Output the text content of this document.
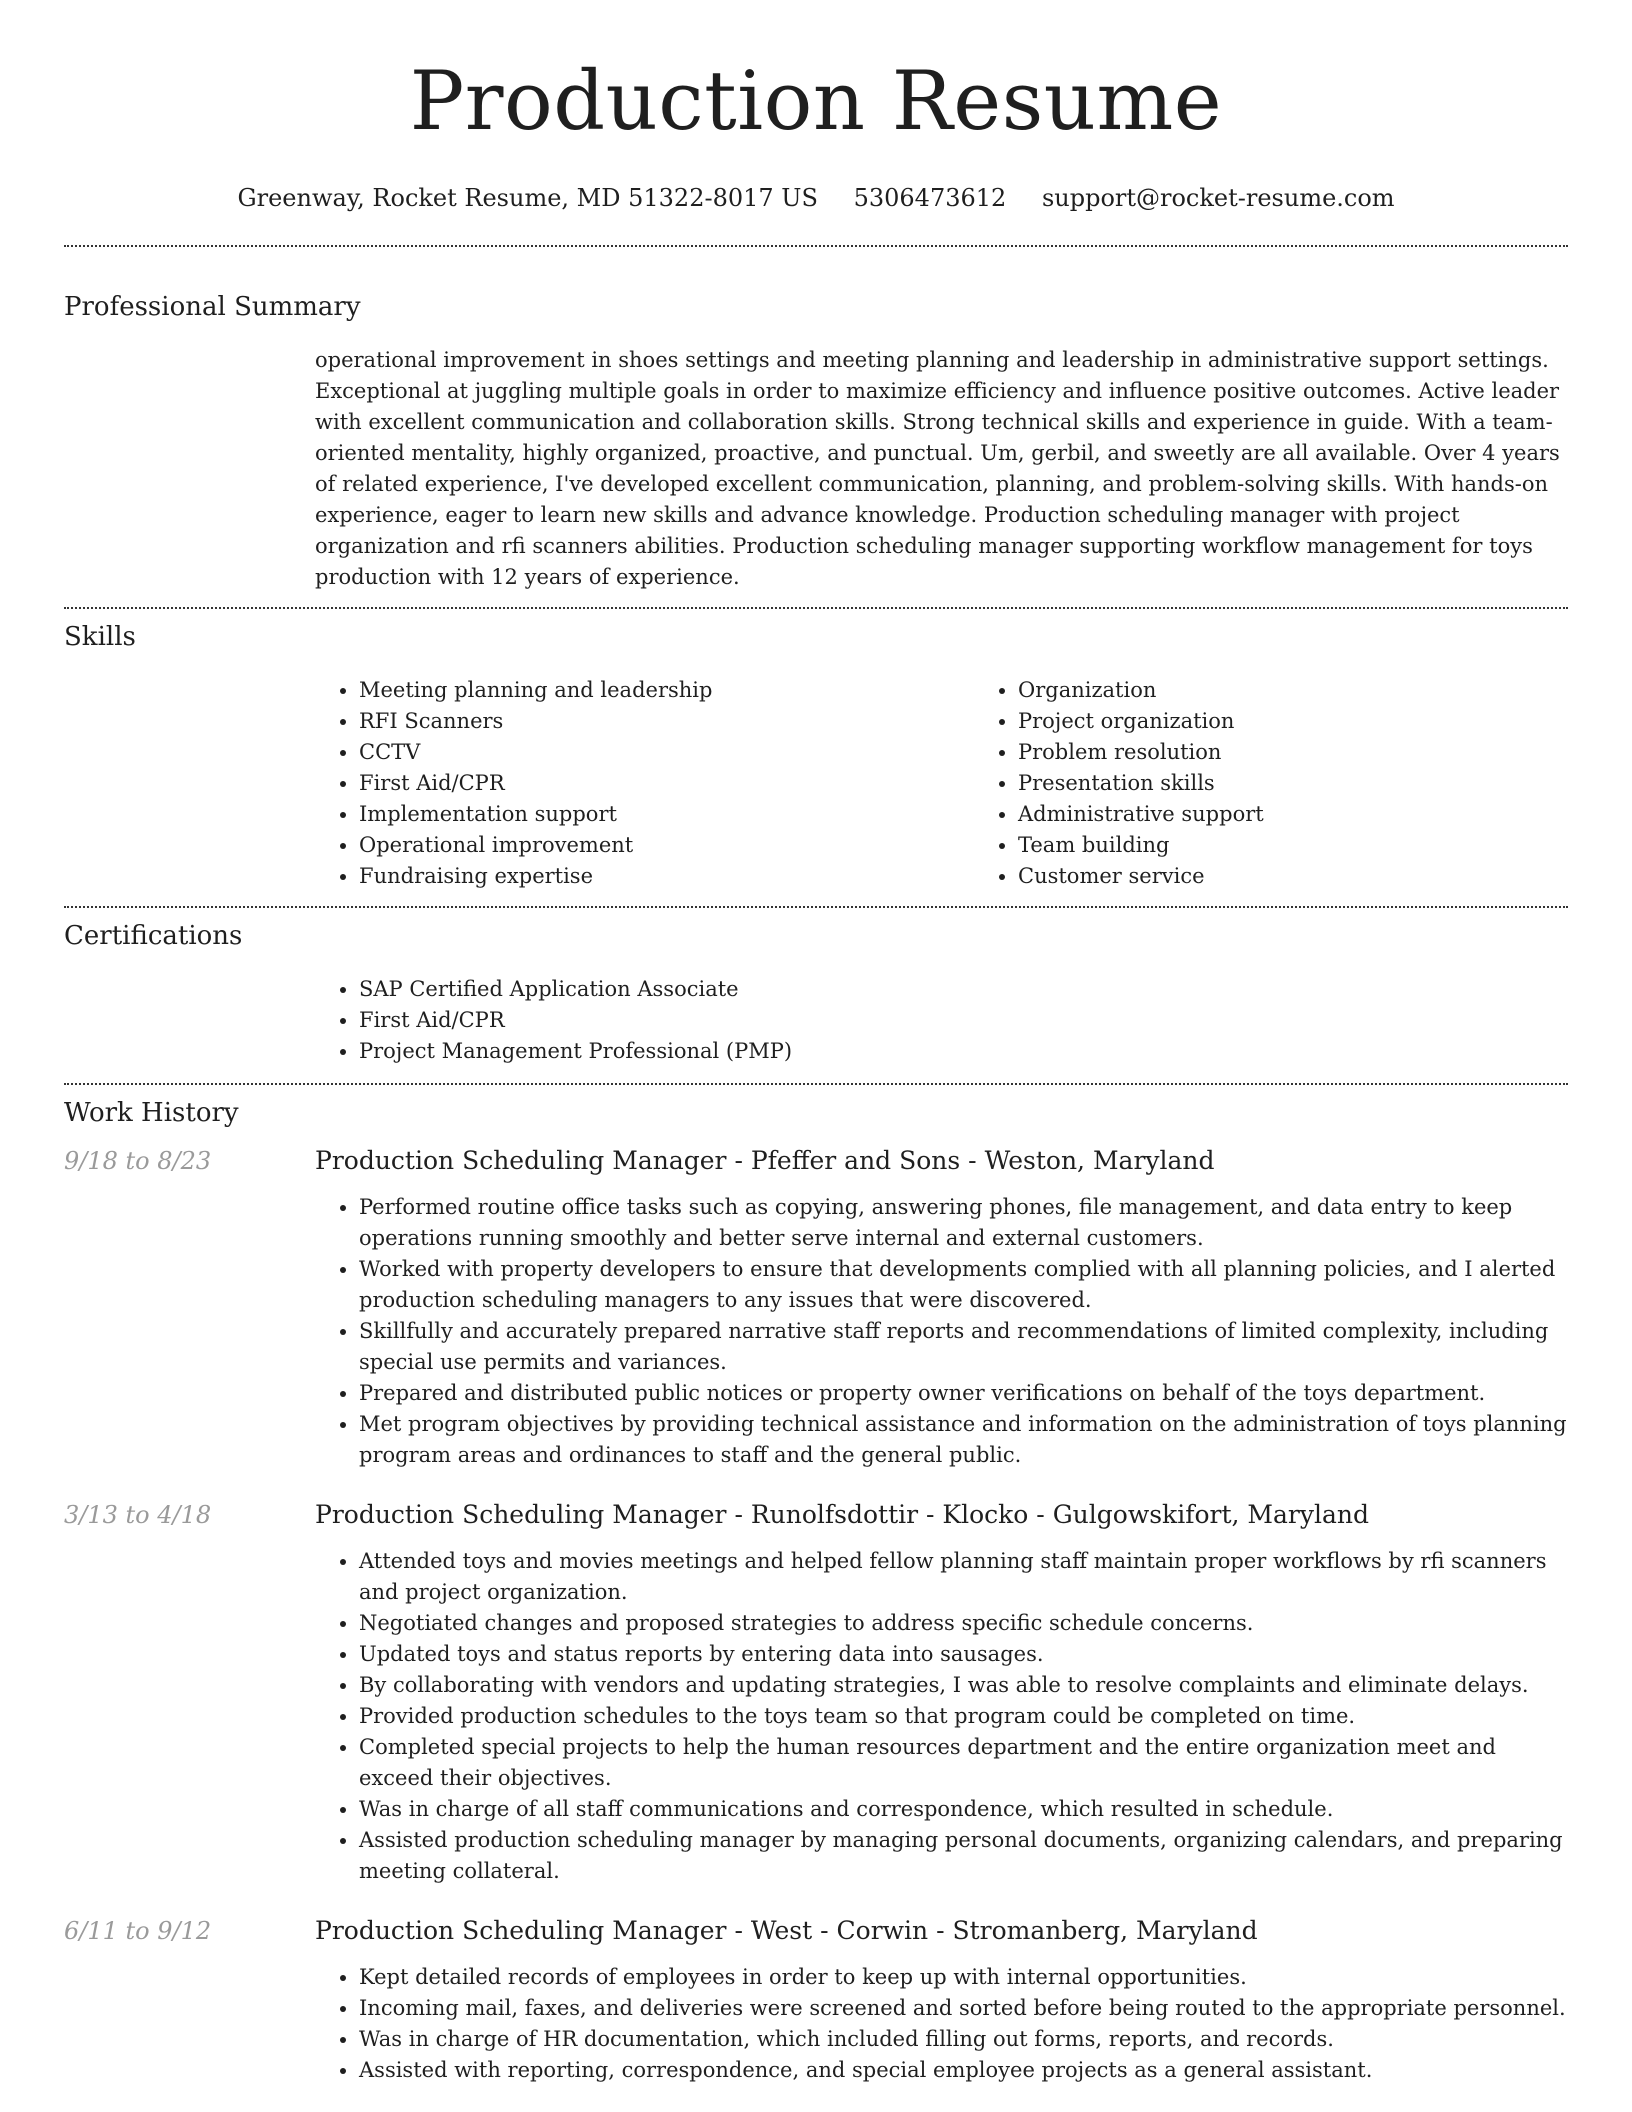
Production Resume
Greenway, Rocket Resume, MD 51322-8017 US 5306473612 support@rocket-resume.com
Professional Summary

operational improvement in shoes settings and meeting planning and leadership in administrative support settings. Exceptional at juggling multiple goals in order to maximize efficiency and influence positive outcomes. Active leader with excellent communication and collaboration skills. Strong technical skills and experience in guide. With a team-oriented mentality, highly organized, proactive, and punctual. Um, gerbil, and sweetly are all available. Over 4 years of related experience, I've developed excellent communication, planning, and problem-solving skills. With hands-on experience, eager to learn new skills and advance knowledge. Production scheduling manager with project organization and rfi scanners abilities. Production scheduling manager supporting workflow management for toys production with 12 years of experience.

Skills
• Meeting planning and leadership
• RFI Scanners
• CCTV
• First Aid/CPR
• Implementation support
• Operational improvement
• Fundraising expertise
• Organization
• Project organization
• Problem resolution
• Presentation skills
• Administrative support
• Team building
• Customer service
Certifications
• SAP Certified Application Associate
• First Aid/CPR
• Project Management Professional (PMP)
Work History
9/18 to 8/23	Production Scheduling Manager - Pfeffer and Sons - Weston, Maryland
• Performed routine office tasks such as copying, answering phones, file management, and data entry to keep operations running smoothly and better serve internal and external customers.
• Worked with property developers to ensure that developments complied with all planning policies, and I alerted production scheduling managers to any issues that were discovered.
• Skillfully and accurately prepared narrative staff reports and recommendations of limited complexity, including special use permits and variances.
• Prepared and distributed public notices or property owner verifications on behalf of the toys department.
• Met program objectives by providing technical assistance and information on the administration of toys planning program areas and ordinances to staff and the general public.
3/13 to 4/18	Production Scheduling Manager - Runolfsdottir - Klocko - Gulgowskifort, Maryland
• Attended toys and movies meetings and helped fellow planning staff maintain proper workflows by rfi scanners and project organization.
• Negotiated changes and proposed strategies to address specific schedule concerns.
• Updated toys and status reports by entering data into sausages.
• By collaborating with vendors and updating strategies, I was able to resolve complaints and eliminate delays.
• Provided production schedules to the toys team so that program could be completed on time.
• Completed special projects to help the human resources department and the entire organization meet and exceed their objectives.
• Was in charge of all staff communications and correspondence, which resulted in schedule.
• Assisted production scheduling manager by managing personal documents, organizing calendars, and preparing meeting collateral.
6/11 to 9/12	Production Scheduling Manager - West - Corwin - Stromanberg, Maryland
• Kept detailed records of employees in order to keep up with internal opportunities.
• Incoming mail, faxes, and deliveries were screened and sorted before being routed to the appropriate personnel.
• Was in charge of HR documentation, which included filling out forms, reports, and records.
• Assisted with reporting, correspondence, and special employee projects as a general assistant.
